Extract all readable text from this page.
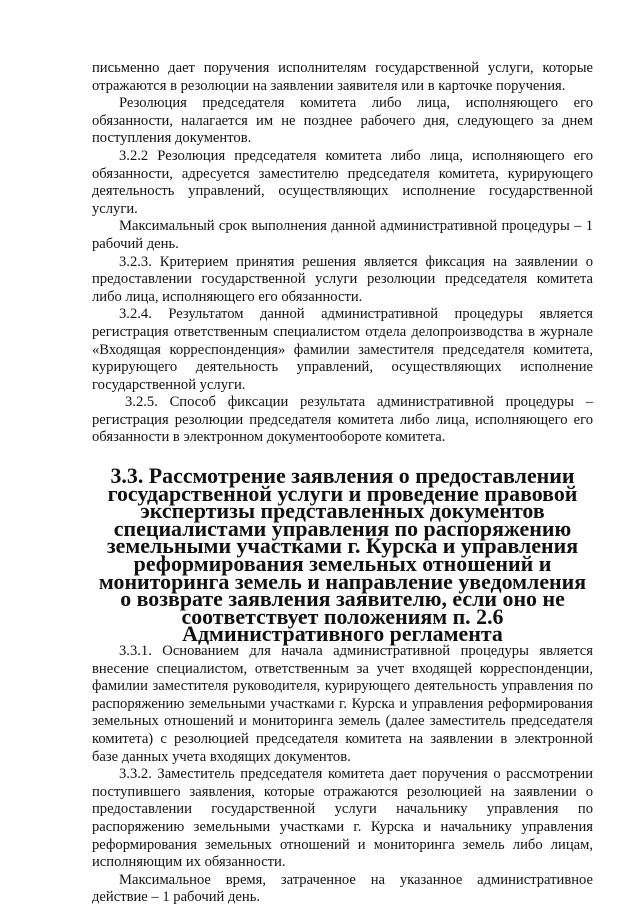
письменно дает поручения исполнителям государственной услуги, которые отражаются в резолюции на заявлении заявителя или в карточке поручения.

Резолюция председателя комитета либо лица, исполняющего его обязанности, налагается им не позднее рабочего дня, следующего за днем поступления документов.

3.2.2 Резолюция председателя комитета либо лица, исполняющего его обязанности, адресуется заместителю председателя комитета, курирующего деятельность управлений, осуществляющих исполнение государственной услуги.

Максимальный срок выполнения данной административной процедуры – 1 рабочий день.

3.2.3. Критерием принятия решения является фиксация на заявлении о предоставлении государственной услуги резолюции председателя комитета либо лица, исполняющего его обязанности.

3.2.4. Результатом данной административной процедуры является регистрация ответственным специалистом отдела делопроизводства в журнале «Входящая корреспонденция» фамилии заместителя председателя комитета, курирующего деятельность управлений, осуществляющих исполнение государственной услуги.

3.2.5. Способ фиксации результата административной процедуры – регистрация резолюции председателя комитета либо лица, исполняющего его обязанности в электронном документообороте комитета.

3.3. Рассмотрение заявления о предоставлении государственной услуги и проведение правовой экспертизы представленных документов специалистами управления по распоряжению земельными участками г. Курска и управления реформирования земельных отношений и мониторинга земель и направление уведомления о возврате заявления заявителю, если оно не соответствует положениям п. 2.6
Административного регламента

3.3.1. Основанием для начала административной процедуры является внесение специалистом, ответственным за учет входящей корреспонденции, фамилии заместителя руководителя, курирующего деятельность управления по распоряжению земельными участками г. Курска и управления реформирования земельных отношений и мониторинга земель (далее заместитель председателя комитета) с резолюцией председателя комитета на заявлении в электронной базе данных учета входящих документов.

3.3.2. Заместитель председателя комитета дает поручения о рассмотрении поступившего заявления, которые отражаются резолюцией на заявлении о предоставлении государственной услуги начальнику управления по распоряжению земельными участками г. Курска и начальнику управления реформирования земельных отношений и мониторинга земель либо лицам, исполняющим их обязанности.

Максимальное время, затраченное на указанное административное действие – 1 рабочий день.
